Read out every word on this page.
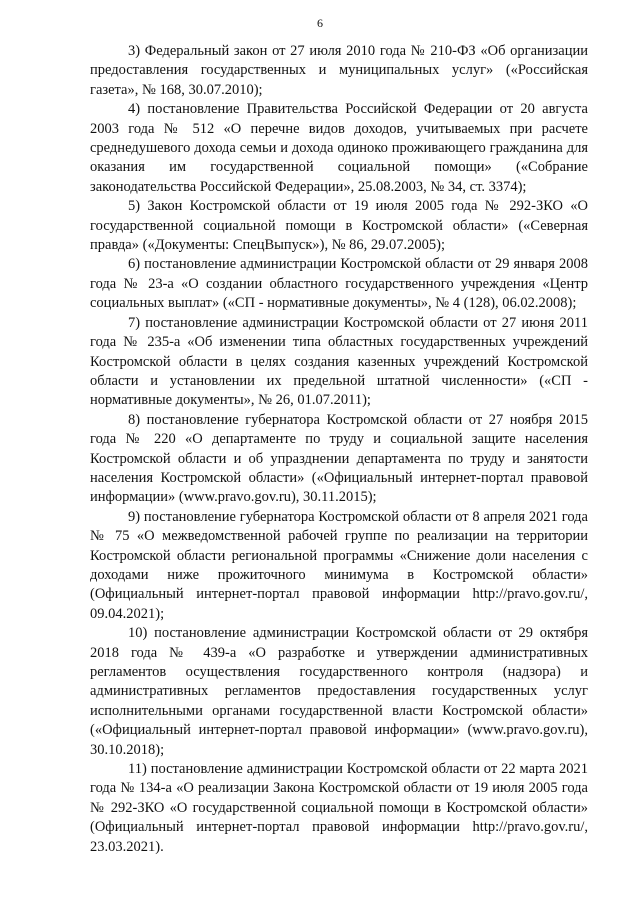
6

3) Федеральный закон от 27 июля 2010 года № 210-ФЗ «Об организации предоставления государственных и муниципальных услуг» («Российская газета», № 168, 30.07.2010);

4) постановление Правительства Российской Федерации от 20 августа 2003 года № 512 «О перечне видов доходов, учитываемых при расчете среднедушевого дохода семьи и дохода одиноко проживающего гражданина для оказания им государственной социальной помощи» («Собрание законодательства Российской Федерации», 25.08.2003, № 34, ст. 3374);

5) Закон Костромской области от 19 июля 2005 года № 292-ЗКО «О государственной социальной помощи в Костромской области» («Северная правда» («Документы: СпецВыпуск»), № 86, 29.07.2005);

6) постановление администрации Костромской области от 29 января 2008 года № 23-а «О создании областного государственного учреждения «Центр социальных выплат» («СП - нормативные документы», № 4 (128), 06.02.2008);

7) постановление администрации Костромской области от 27 июня 2011 года № 235-а «Об изменении типа областных государственных учреждений Костромской области в целях создания казенных учреждений Костромской области и установлении их предельной штатной численности» («СП - нормативные документы», № 26, 01.07.2011);

8) постановление губернатора Костромской области от 27 ноября 2015 года № 220 «О департаменте по труду и социальной защите населения Костромской области и об упразднении департамента по труду и занятости населения Костромской области» («Официальный интернет-портал правовой информации» (www.pravo.gov.ru), 30.11.2015);

9) постановление губернатора Костромской области от 8 апреля 2021 года № 75 «О межведомственной рабочей группе по реализации на территории Костромской области региональной программы «Снижение доли населения с доходами ниже прожиточного минимума в Костромской области» (Официальный интернет-портал правовой информации http://pravo.gov.ru/, 09.04.2021);

10) постановление администрации Костромской области от 29 октября 2018 года № 439-а «О разработке и утверждении административных регламентов осуществления государственного контроля (надзора) и административных регламентов предоставления государственных услуг исполнительными органами государственной власти Костромской области» («Официальный интернет-портал правовой информации» (www.pravo.gov.ru), 30.10.2018);

11) постановление администрации Костромской области от 22 марта 2021 года № 134-а «О реализации Закона Костромской области от 19 июля 2005 года № 292-ЗКО «О государственной социальной помощи в Костромской области» (Официальный интернет-портал правовой информации http://pravo.gov.ru/, 23.03.2021).
